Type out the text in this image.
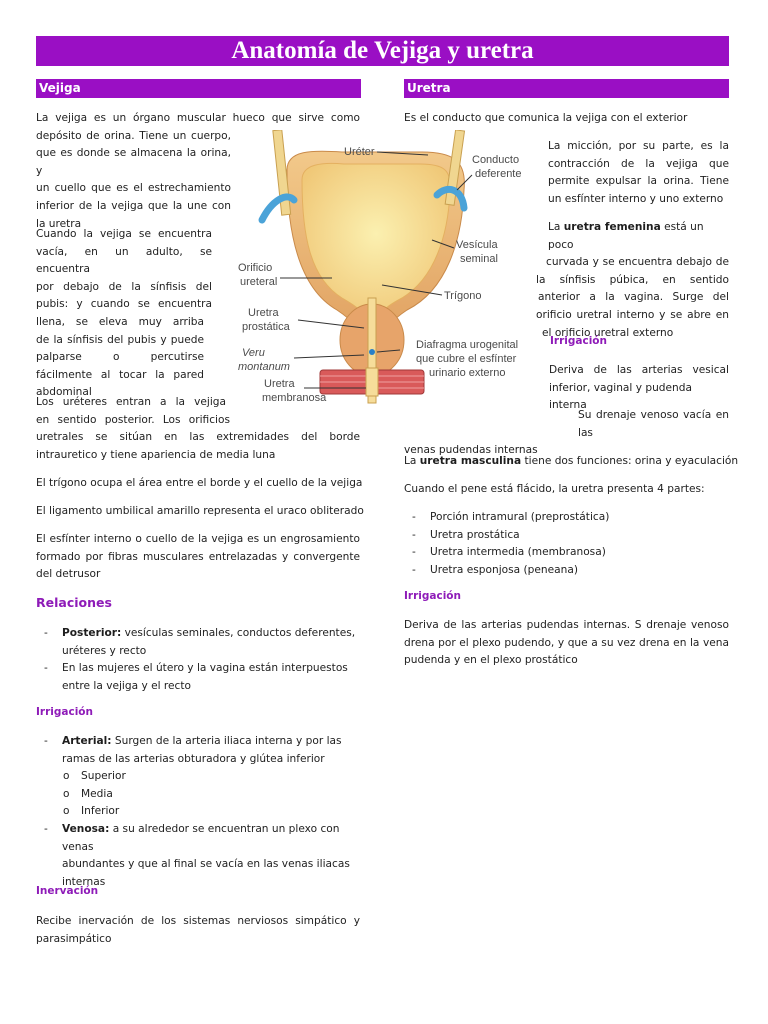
Anatomía de Vejiga y uretra
Vejiga

La vejiga es un órgano muscular hueco que sirve como

depósito de orina. Tiene un cuerpo,

que es donde se almacena la orina, y

un cuello que es el estrechamiento

inferior de la vejiga que la une con

la uretra

Cuando la vejiga se encuentra

vacía, en un adulto, se encuentra

por debajo de la sínfisis del

pubis: y cuando se encuentra

llena, se eleva muy arriba

de la sínfisis del pubis y puede

palparse o percutirse

fácilmente al tocar la pared

abdominal

Los uréteres entran a la vejiga

en sentido posterior. Los orificios

uretrales se sitúan en las extremidades del borde

intrauretico y tiene apariencia de media luna

El trígono ocupa el área entre el borde y el cuello de la vejiga

El ligamento umbilical amarillo representa el uraco obliterado

El esfínter interno o cuello de la vejiga es un engrosamiento

formado por fibras musculares entrelazadas y convergente

del detrusor

Relaciones
- Posterior: vesículas seminales, conductos deferentes,
uréteres y recto
- En las mujeres el útero y la vagina están interpuestos
entre la vejiga y el recto
Irrigación
- Arterial: Surgen de la arteria iliaca interna y por las
ramas de las arterias obturadora y glútea inferior
o Superior
o Media
o Inferior
- Venosa: a su alrededor se encuentran un plexo con venas
abundantes y que al final se vacía en las venas iliacas
internas
Inervación

Recibe inervación de los sistemas nerviosos simpático y

parasimpático

Uréter
Conducto
deferente
Vesícula
seminal
Orificio
ureteral
Trígono
Uretra
prostática
Diafragma urogenital
que cubre el esfínter
urinario externo
Veru
montanum
Uretra
membranosa
Uretra

Es el conducto que comunica la vejiga con el exterior

La micción, por su parte, es la

contracción de la vejiga que

permite expulsar la orina. Tiene

un esfínter interno y uno externo

La uretra femenina está un poco

curvada y se encuentra debajo de

la sínfisis púbica, en sentido

anterior a la vagina. Surge del

orificio uretral interno y se abre en

el orificio uretral externo

Irrigación

Deriva de las arterias vesical

inferior, vaginal y pudenda interna

Su drenaje venoso vacía en las

venas pudendas internas

La uretra masculina tiene dos funciones: orina y eyaculación

Cuando el pene está flácido, la uretra presenta 4 partes:

- Porción intramural (preprostática)
- Uretra prostática
- Uretra intermedia (membranosa)
- Uretra esponjosa (peneana)
Irrigación

Deriva de las arterias pudendas internas. S drenaje venoso

drena por el plexo pudendo, y que a su vez drena en la vena

pudenda y en el plexo prostático
